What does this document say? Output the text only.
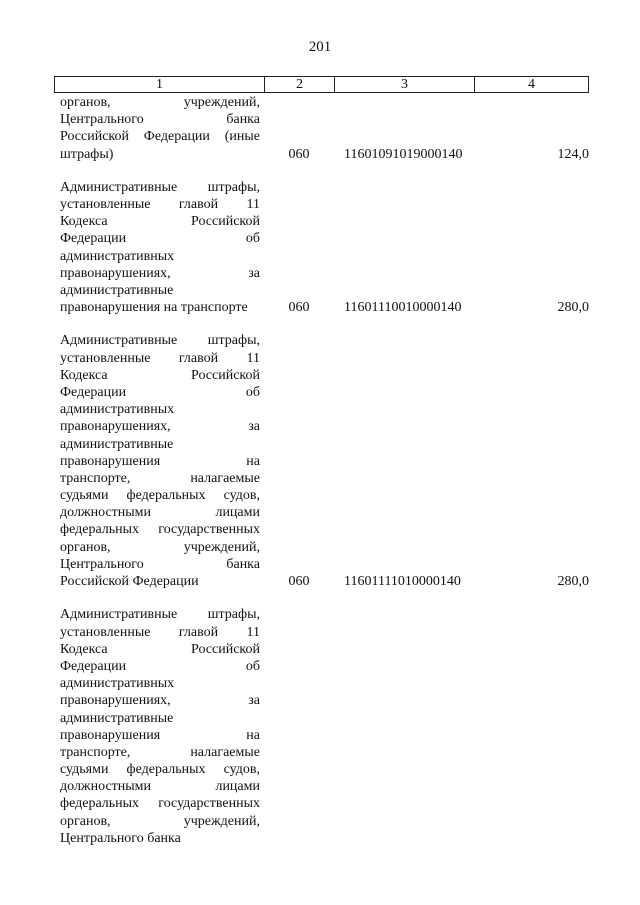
201
1	2	3	4
органов, учреждений,
Центрального банка
Российской Федерации (иные
штрафы)	060	11601091019000140	124,0
Административные штрафы,
установленные главой 11
Кодекса Российской
Федерации об
административных
правонарушениях, за
административные
правонарушения на транспорте	060	11601110010000140	280,0
Административные штрафы,
установленные главой 11
Кодекса Российской
Федерации об
административных
правонарушениях, за
административные
правонарушения на
транспорте, налагаемые
судьями федеральных судов,
должностными лицами
федеральных государственных
органов, учреждений,
Центрального банка
Российской Федерации	060	11601111010000140	280,0
Административные штрафы,
установленные главой 11
Кодекса Российской
Федерации об
административных
правонарушениях, за
административные
правонарушения на
транспорте, налагаемые
судьями федеральных судов,
должностными лицами
федеральных государственных
органов, учреждений,
Центрального банка
